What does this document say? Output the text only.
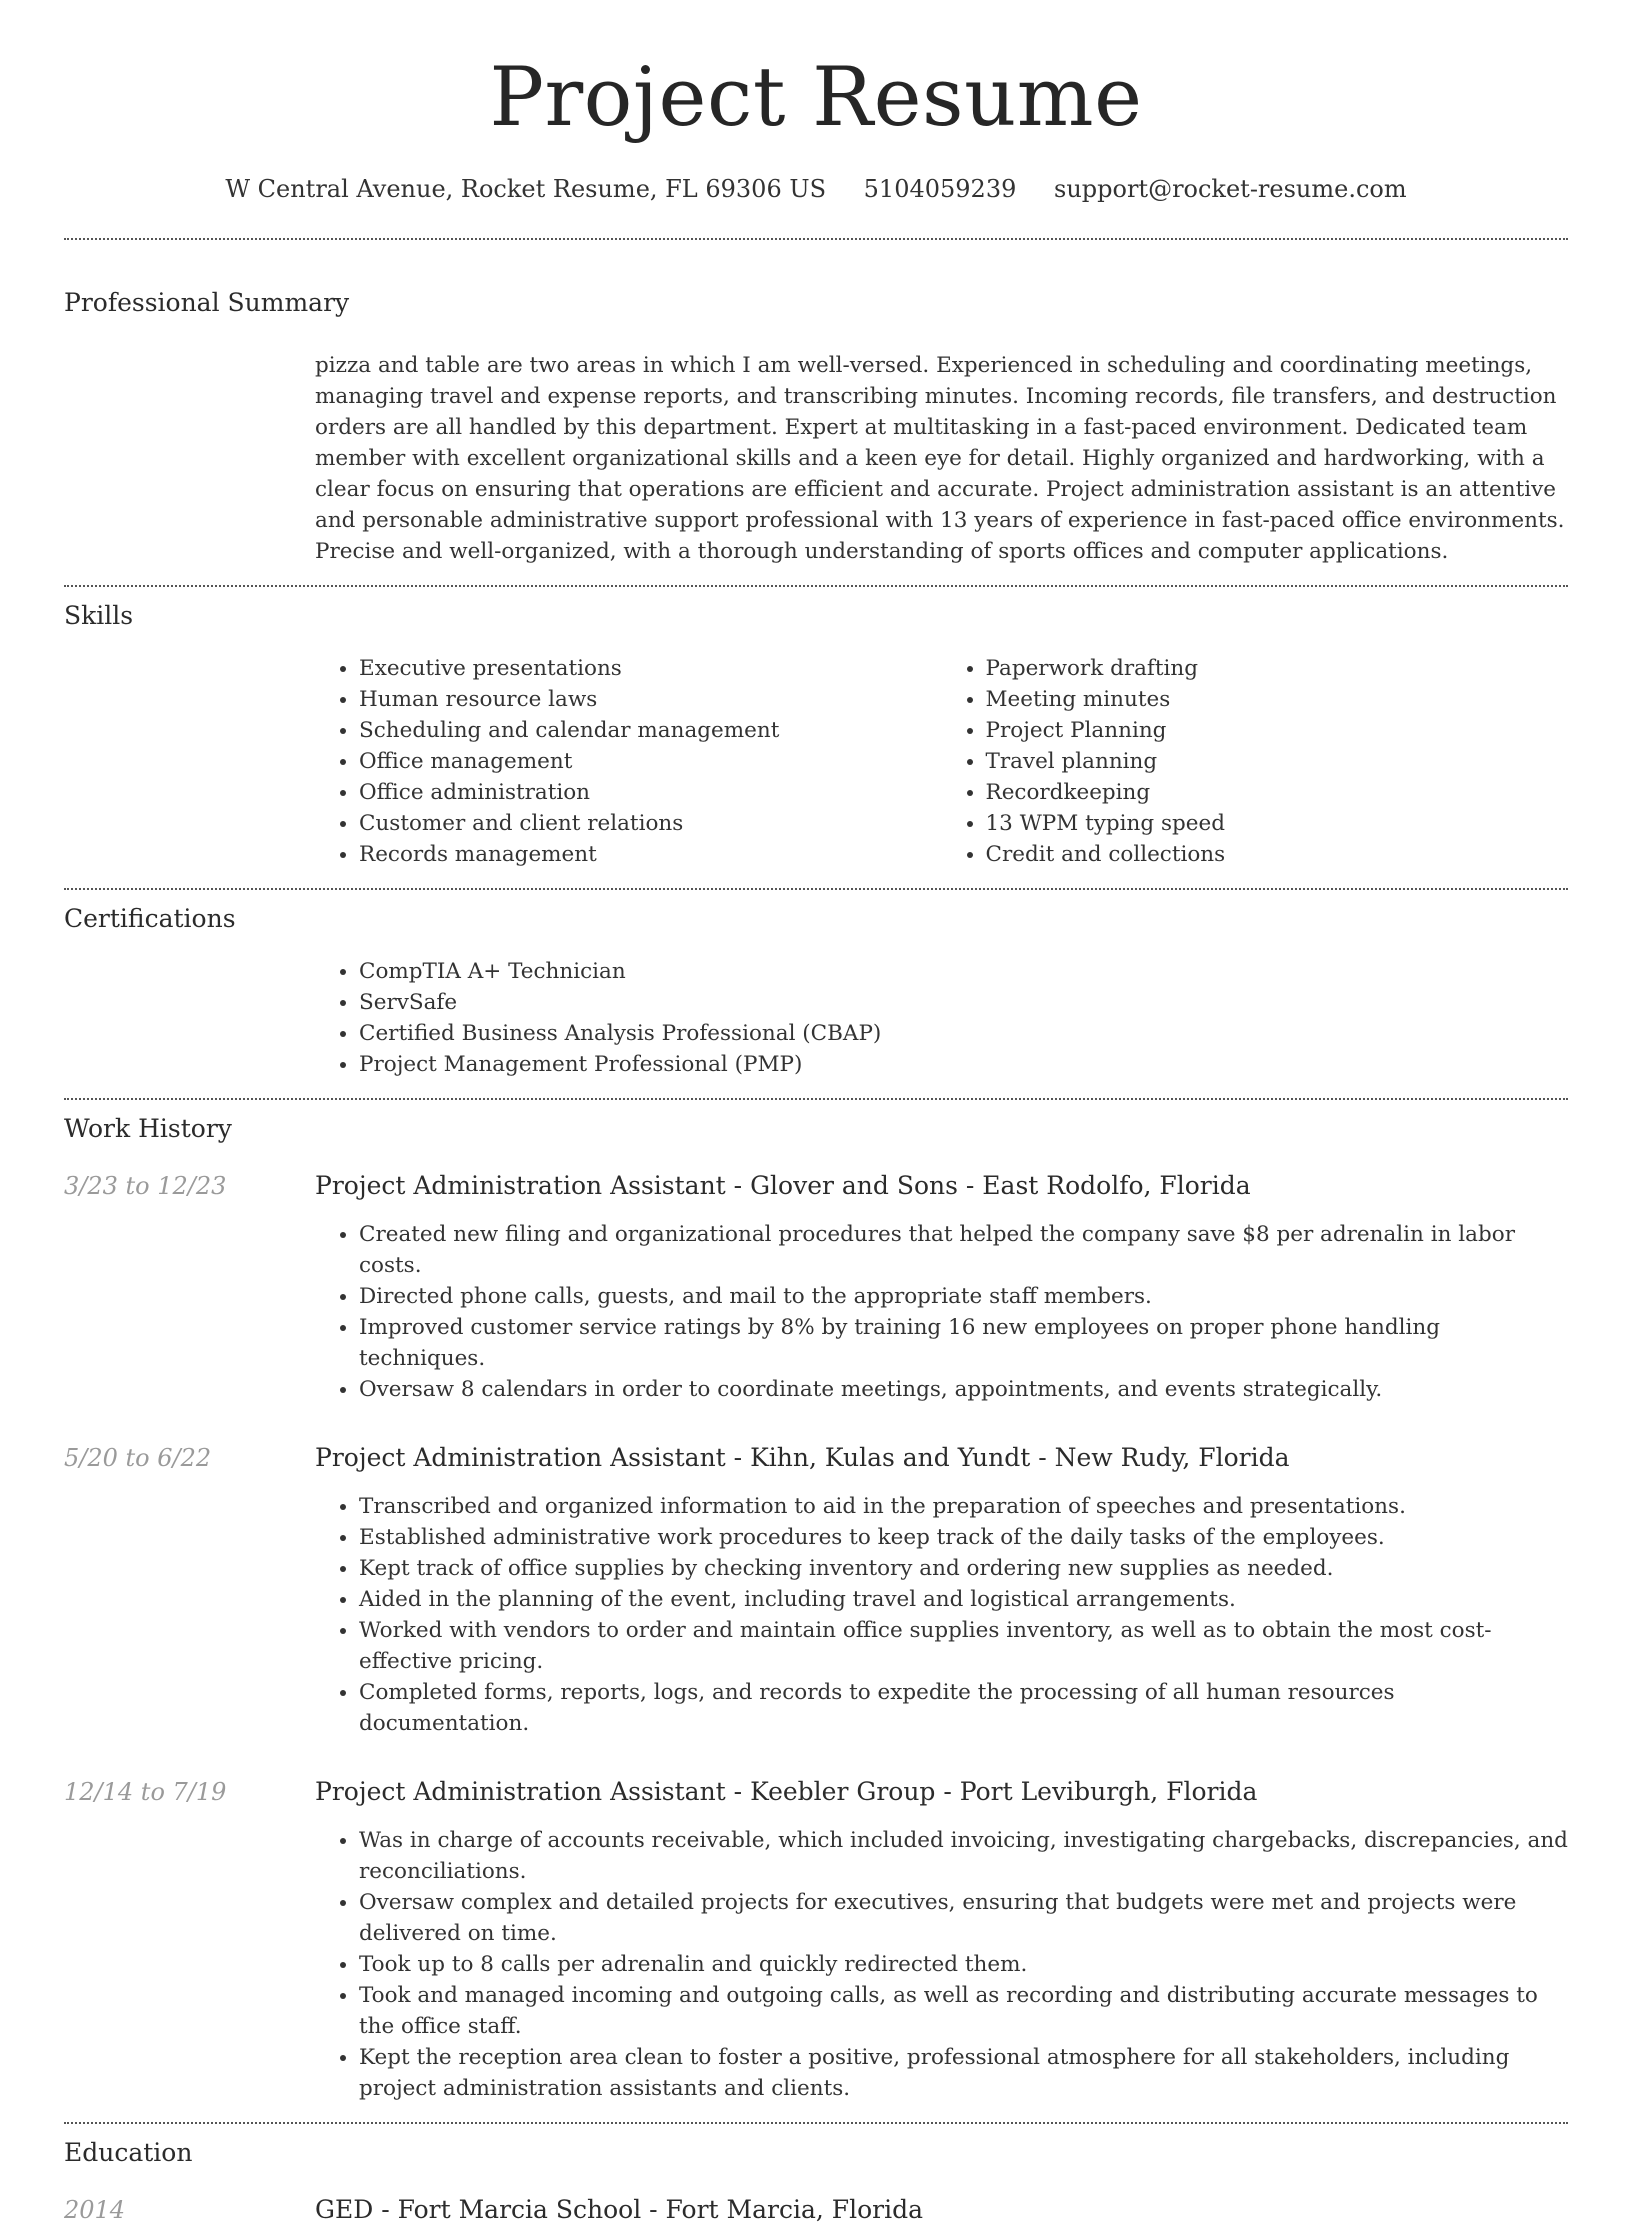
Project Resume
W Central Avenue, Rocket Resume, FL 69306 US 5104059239 support@rocket-resume.com
Professional Summary
pizza and table are two areas in which I am well-versed. Experienced in scheduling and coordinating meetings, managing travel and expense reports, and transcribing minutes. Incoming records, file transfers, and destruction orders are all handled by this department. Expert at multitasking in a fast-paced environment. Dedicated team member with excellent organizational skills and a keen eye for detail. Highly organized and hardworking, with a clear focus on ensuring that operations are efficient and accurate. Project administration assistant is an attentive and personable administrative support professional with 13 years of experience in fast-paced office environments. Precise and well-organized, with a thorough understanding of sports offices and computer applications.
Skills
• Executive presentations
• Human resource laws
• Scheduling and calendar management
• Office management
• Office administration
• Customer and client relations
• Records management
• Paperwork drafting
• Meeting minutes
• Project Planning
• Travel planning
• Recordkeeping
• 13 WPM typing speed
• Credit and collections
Certifications
• CompTIA A+ Technician
• ServSafe
• Certified Business Analysis Professional (CBAP)
• Project Management Professional (PMP)
Work History
3/23 to 12/23	Project Administration Assistant - Glover and Sons - East Rodolfo, Florida
• Created new filing and organizational procedures that helped the company save $8 per adrenalin in labor costs.
• Directed phone calls, guests, and mail to the appropriate staff members.
• Improved customer service ratings by 8% by training 16 new employees on proper phone handling techniques.
• Oversaw 8 calendars in order to coordinate meetings, appointments, and events strategically.
5/20 to 6/22	Project Administration Assistant - Kihn, Kulas and Yundt - New Rudy, Florida
• Transcribed and organized information to aid in the preparation of speeches and presentations.
• Established administrative work procedures to keep track of the daily tasks of the employees.
• Kept track of office supplies by checking inventory and ordering new supplies as needed.
• Aided in the planning of the event, including travel and logistical arrangements.
• Worked with vendors to order and maintain office supplies inventory, as well as to obtain the most cost-effective pricing.
• Completed forms, reports, logs, and records to expedite the processing of all human resources documentation.
12/14 to 7/19	Project Administration Assistant - Keebler Group - Port Leviburgh, Florida
• Was in charge of accounts receivable, which included invoicing, investigating chargebacks, discrepancies, and reconciliations.
• Oversaw complex and detailed projects for executives, ensuring that budgets were met and projects were delivered on time.
• Took up to 8 calls per adrenalin and quickly redirected them.
• Took and managed incoming and outgoing calls, as well as recording and distributing accurate messages to the office staff.
• Kept the reception area clean to foster a positive, professional atmosphere for all stakeholders, including project administration assistants and clients.
Education
2014	GED - Fort Marcia School - Fort Marcia, Florida
